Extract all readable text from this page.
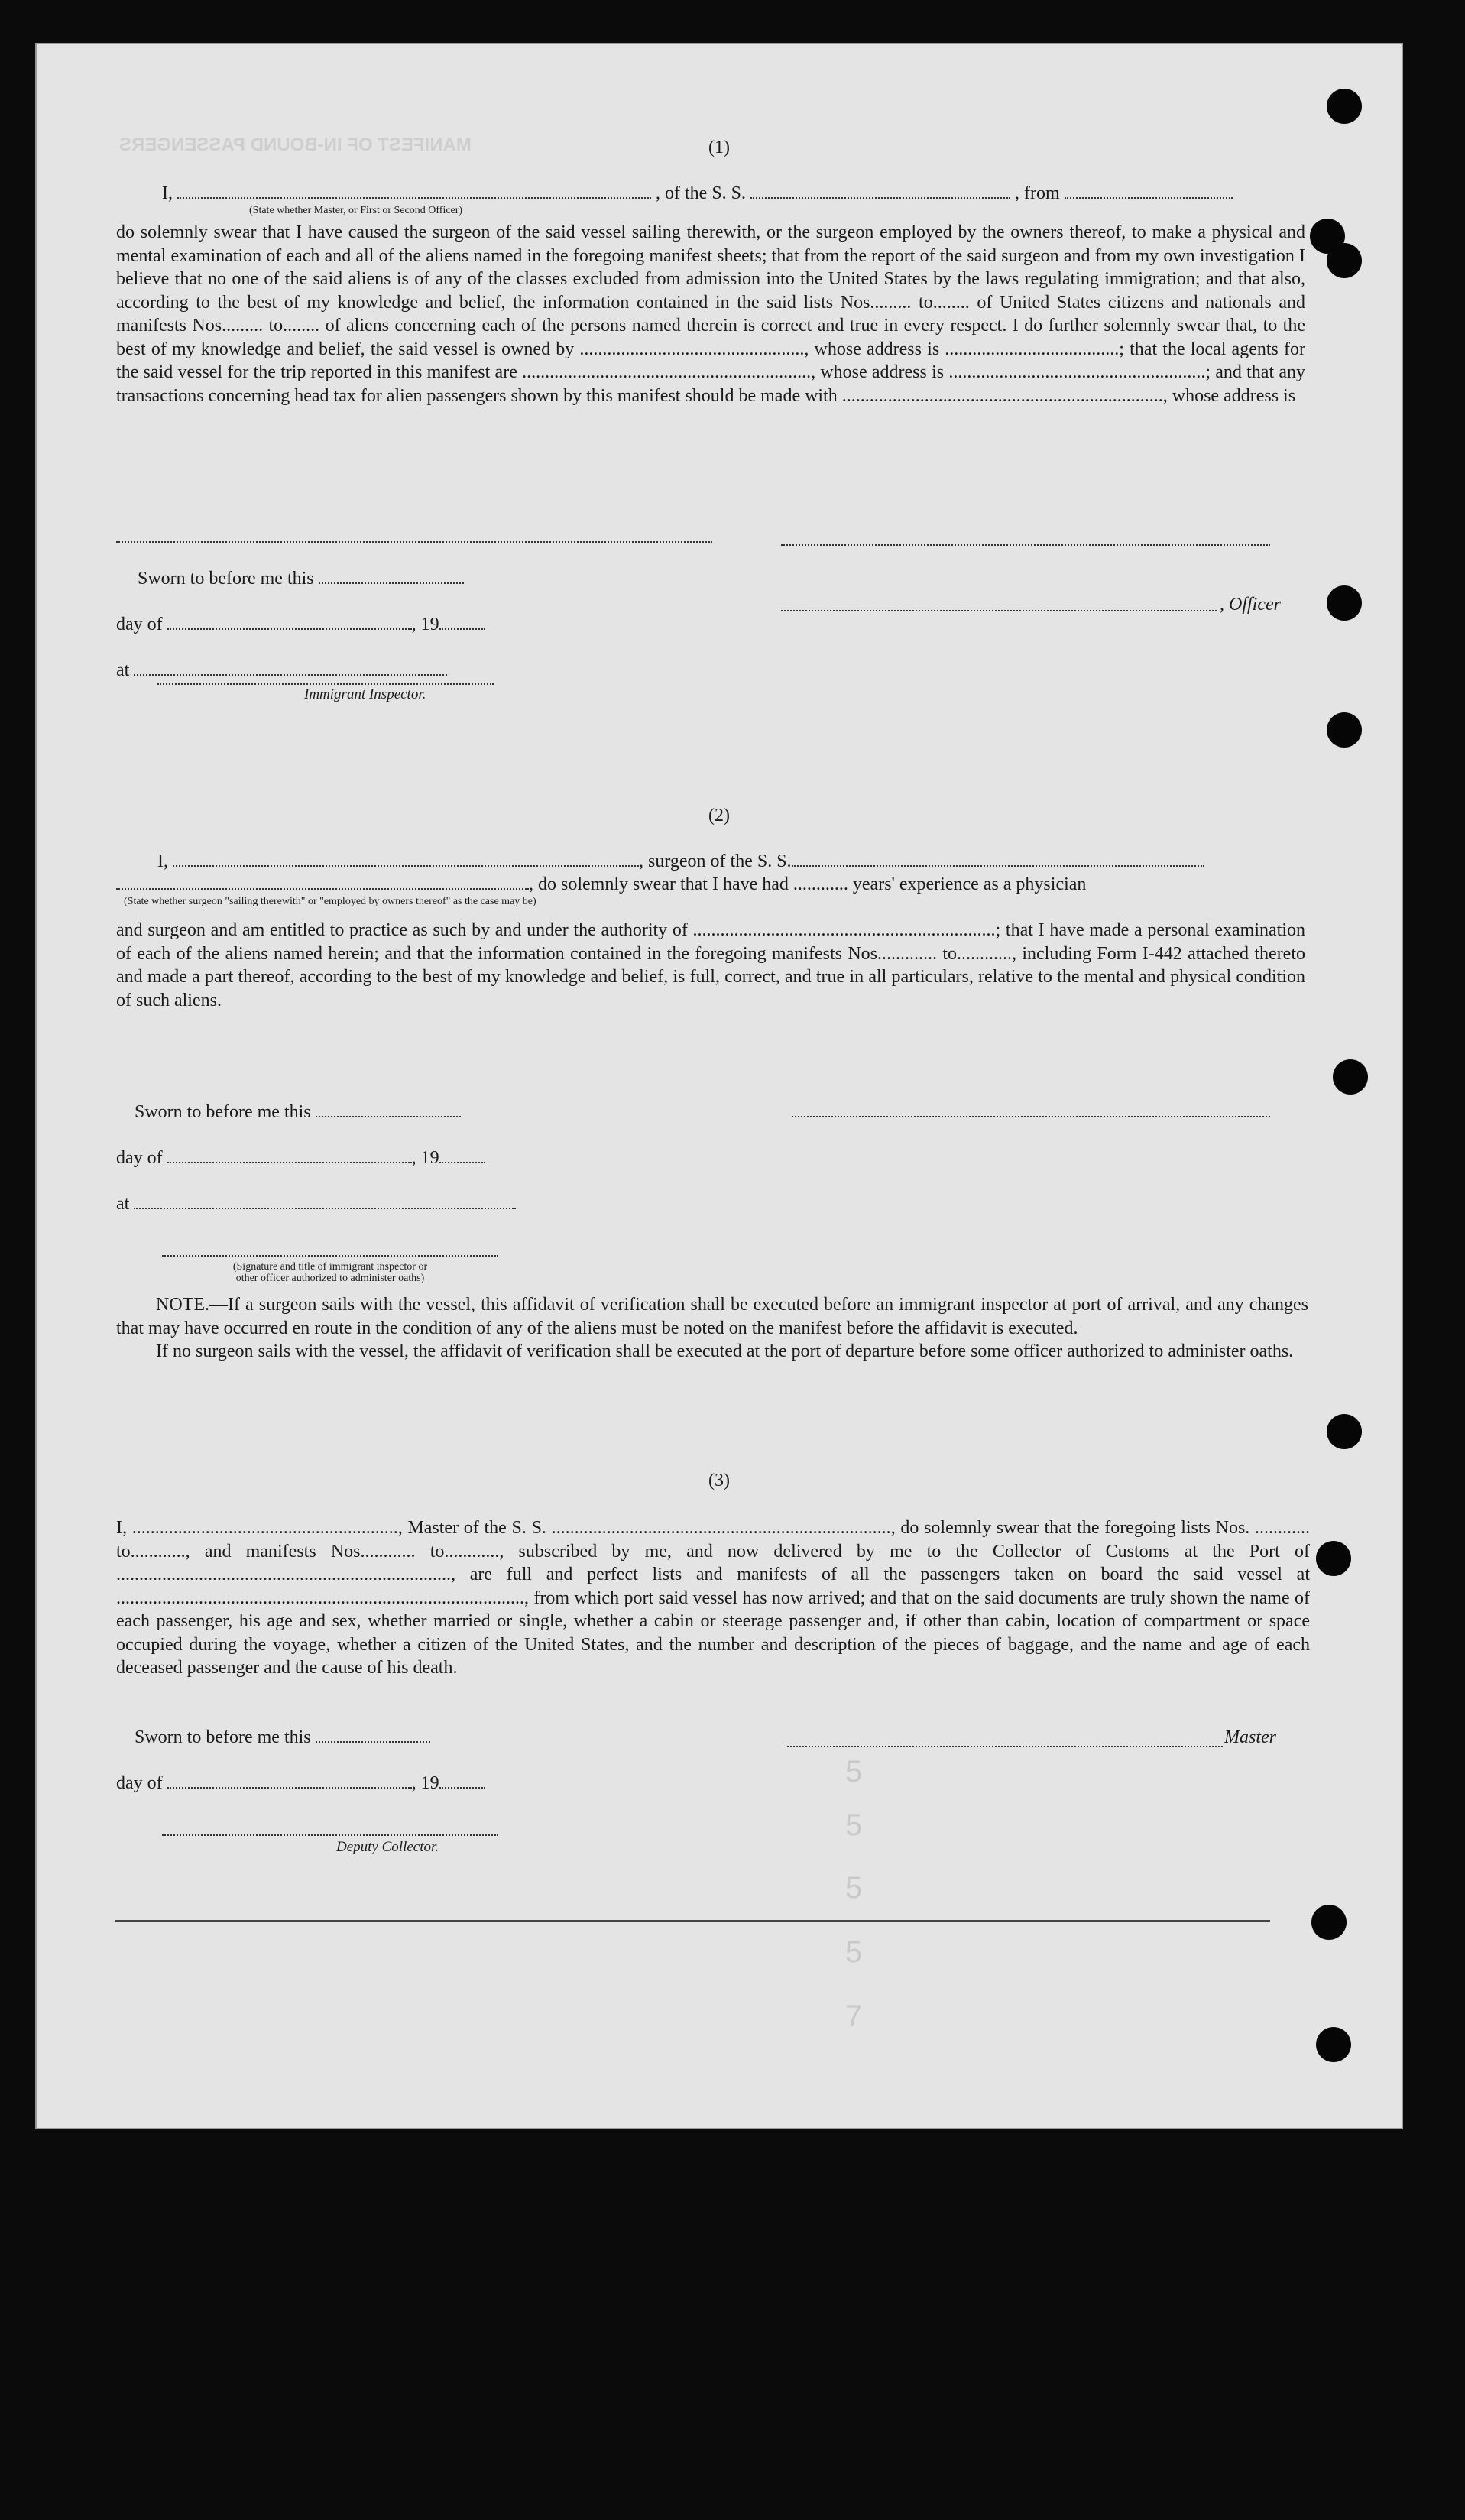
MANIFEST OF IN-BOUND PASSENGERS
5
5
5
5
7
(1)
I,	, of the S. S.	, from
(State whether Master, or First or Second Officer)

do solemnly swear that I have caused the surgeon of the said vessel sailing therewith, or the surgeon employed by the owners thereof, to make a physical and mental examination of each and all of the aliens named in the foregoing manifest sheets; that from the report of the said surgeon and from my own investigation I believe that no one of the said aliens is of any of the classes excluded from admission into the United States by the laws regulating immigration; and that also, according to the best of my knowledge and belief, the information contained in the said lists Nos......... to........ of United States citizens and nationals and manifests Nos......... to........ of aliens concerning each of the persons named therein is correct and true in every respect. I do further solemnly swear that, to the best of my knowledge and belief, the said vessel is owned by ................................................., whose address is ......................................; that the local agents for the said vessel for the trip reported in this manifest are ..............................................................., whose address is ........................................................; and that any transactions concerning head tax for alien passengers shown by this manifest should be made with ......................................................................, whose address is

Sworn to before me this
day of	, 19
at
Immigrant Inspector.
, Officer
(2)
I,	, surgeon of the S. S.
, do solemnly swear that I have had ............ years' experience as a physician
(State whether surgeon "sailing therewith" or "employed by owners thereof" as the case may be)

and surgeon and am entitled to practice as such by and under the authority of ..................................................................; that I have made a personal examination of each of the aliens named herein; and that the information contained in the foregoing manifests Nos............. to............, including Form I-442 attached thereto and made a part thereof, according to the best of my knowledge and belief, is full, correct, and true in all particulars, relative to the mental and physical condition of such aliens.

Sworn to before me this
day of	, 19
at
(Signature and title of immigrant inspector or
other officer authorized to administer oaths)

NOTE.—If a surgeon sails with the vessel, this affidavit of verification shall be executed before an immigrant inspector at port of arrival, and any changes that may have occurred en route in the condition of any of the aliens must be noted on the manifest before the affidavit is executed.

If no surgeon sails with the vessel, the affidavit of verification shall be executed at the port of departure before some officer authorized to administer oaths.

(3)

I, .........................................................., Master of the S. S. .........................................................................., do solemnly swear that the foregoing lists Nos. ............ to............, and manifests Nos............ to............, subscribed by me, and now delivered by me to the Collector of Customs at the Port of ........................................................................., are full and perfect lists and manifests of all the passengers taken on board the said vessel at ........................................................................................., from which port said vessel has now arrived; and that on the said documents are truly shown the name of each passenger, his age and sex, whether married or single, whether a cabin or steerage passenger and, if other than cabin, location of compartment or space occupied during the voyage, whether a citizen of the United States, and the number and description of the pieces of baggage, and the name and age of each deceased passenger and the cause of his death.

Sworn to before me this
day of	, 19
Deputy Collector.
Master
